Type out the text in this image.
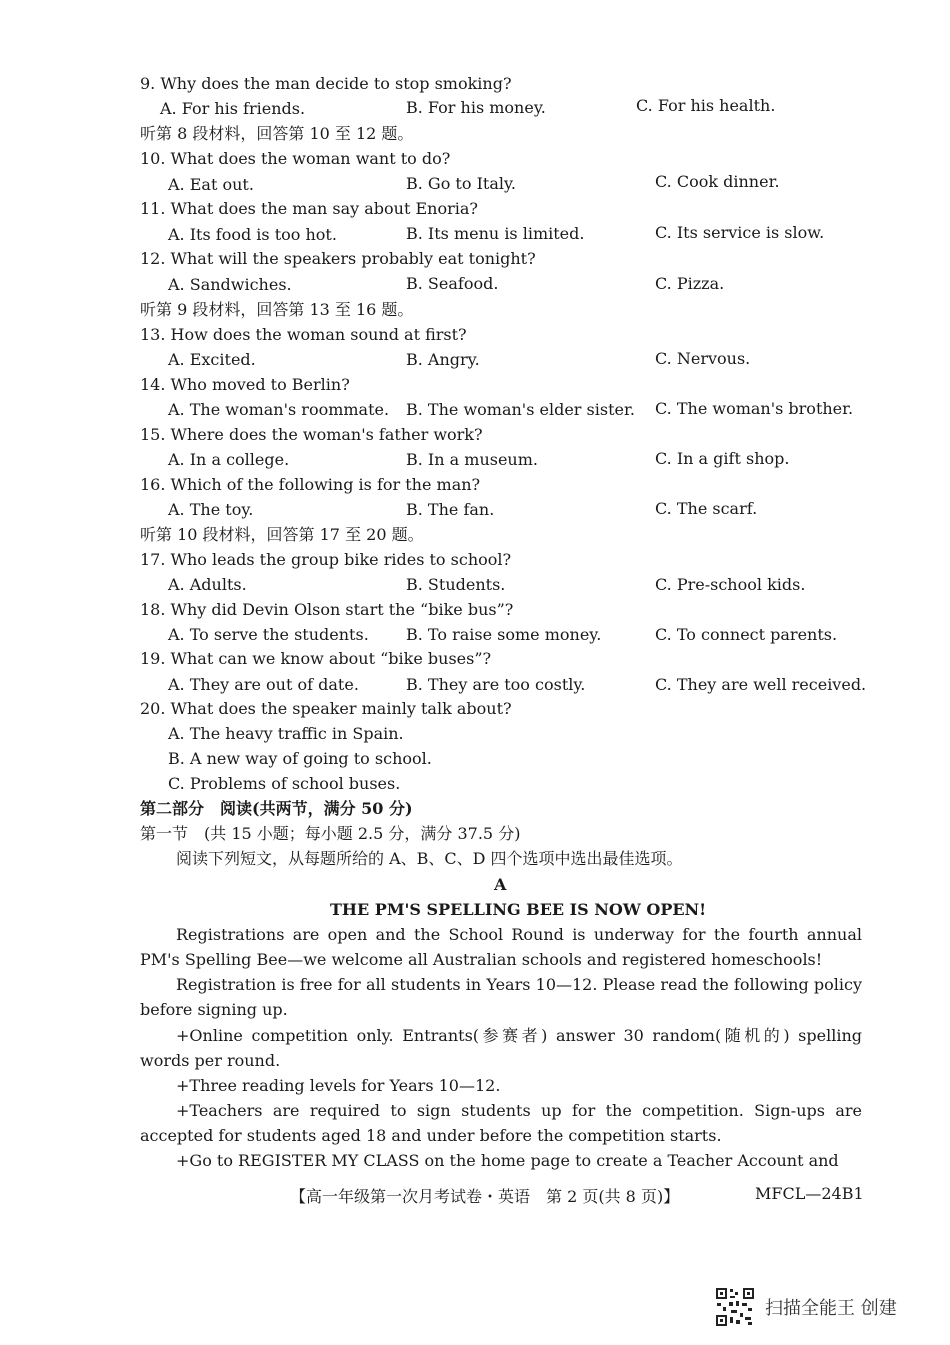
9. Why does the man decide to stop smoking?
A. For his friends.	B. For his money.	C. For his health.
听第 8 段材料，回答第 10 至 12 题。
10. What does the woman want to do?
A. Eat out.	B. Go to Italy.	C. Cook dinner.
11. What does the man say about Enoria?
A. Its food is too hot.	B. Its menu is limited.	C. Its service is slow.
12. What will the speakers probably eat tonight?
A. Sandwiches.	B. Seafood.	C. Pizza.
听第 9 段材料，回答第 13 至 16 题。
13. How does the woman sound at first?
A. Excited.	B. Angry.	C. Nervous.
14. Who moved to Berlin?
A. The woman's roommate. B. The woman's elder sister. C. The woman's brother.
15. Where does the woman's father work?
A. In a college.	B. In a museum.	C. In a gift shop.
16. Which of the following is for the man?
A. The toy.	B. The fan.	C. The scarf.
听第 10 段材料，回答第 17 至 20 题。
17. Who leads the group bike rides to school?
A. Adults.	B. Students.	C. Pre-school kids.
18. Why did Devin Olson start the “bike bus”?
A. To serve the students. B. To raise some money.	C. To connect parents.
19. What can we know about “bike buses”?
A. They are out of date.	B. They are too costly.	C. They are well received.
20. What does the speaker mainly talk about?
A. The heavy traffic in Spain.
B. A new way of going to school.
C. Problems of school buses.
第二部分　阅读(共两节，满分 50 分)
第一节　(共 15 小题；每小题 2.5 分，满分 37.5 分)
阅读下列短文，从每题所给的 A、B、C、D 四个选项中选出最佳选项。
A
THE PM'S SPELLING BEE IS NOW OPEN!
Registrations are open and the School Round is underway for the fourth annual PM's Spelling Bee—we welcome all Australian schools and registered homeschools!
Registration is free for all students in Years 10—12. Please read the following policy before signing up.
+Online competition only. Entrants(参赛者) answer 30 random(随机的) spelling words per round.
+Three reading levels for Years 10—12.
+Teachers are required to sign students up for the competition. Sign-ups are accepted for students aged 18 and under before the competition starts.
+Go to REGISTER MY CLASS on the home page to create a Teacher Account and
【高一年级第一次月考试卷・英语　第 2 页(共 8 页)】	MFCL—24B1
扫描全能王 创建
